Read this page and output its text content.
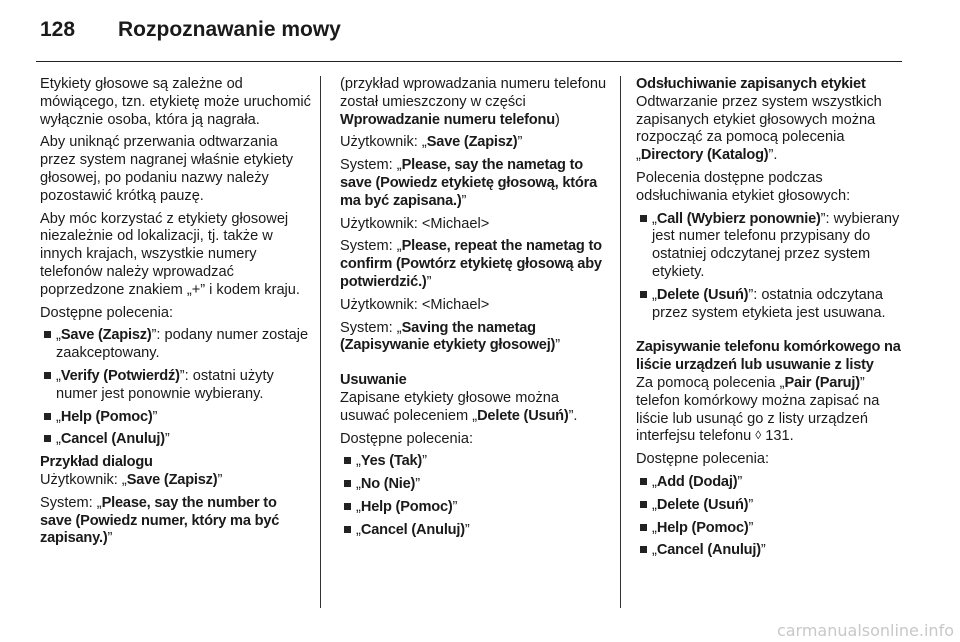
128	Rozpoznawanie mowy

Etykiety głosowe są zależne od mówiącego, tzn. etykietę może uruchomić wyłącznie osoba, która ją nagrała.

Aby uniknąć przerwania odtwarzania przez system nagranej właśnie etykiety głosowej, po podaniu nazwy należy pozostawić krótką pauzę.

Aby móc korzystać z etykiety głosowej niezależnie od lokalizacji, tj. także w innych krajach, wszystkie numery telefonów należy wprowadzać poprzedzone znakiem „+” i kodem kraju.

Dostępne polecenia:

„Save (Zapisz)”: podany numer zostaje zaakceptowany.
„Verify (Potwierdź)”: ostatni użyty numer jest ponownie wybierany.
„Help (Pomoc)”
„Cancel (Anuluj)”

Przykład dialogu

Użytkownik: „Save (Zapisz)”

System: „Please, say the number to save (Powiedz numer, który ma być zapisany.)”

(przykład wprowadzania numeru telefonu został umieszczony w części Wprowadzanie numeru telefonu)

Użytkownik: „Save (Zapisz)”

System: „Please, say the nametag to save (Powiedz etykietę głosową, która ma być zapisana.)”

Użytkownik: <Michael>

System: „Please, repeat the nametag to confirm (Powtórz etykietę głosową aby potwierdzić.)”

Użytkownik: <Michael>

System: „Saving the nametag (Zapisywanie etykiety głosowej)”

Usuwanie

Zapisane etykiety głosowe można usuwać poleceniem „Delete (Usuń)”.

Dostępne polecenia:

„Yes (Tak)”
„No (Nie)”
„Help (Pomoc)”
„Cancel (Anuluj)”

Odsłuchiwanie zapisanych etykiet

Odtwarzanie przez system wszystkich zapisanych etykiet głosowych można rozpocząć za pomocą polecenia „Directory (Katalog)”.

Polecenia dostępne podczas odsłuchiwania etykiet głosowych:

„Call (Wybierz ponownie)”: wybierany jest numer telefonu przypisany do ostatniej odczytanej przez system etykiety.
„Delete (Usuń)”: ostatnia odczytana przez system etykieta jest usuwana.

Zapisywanie telefonu komórkowego na liście urządzeń lub usuwanie z listy

Za pomocą polecenia „Pair (Paruj)” telefon komórkowy można zapisać na liście lub usunąć go z listy urządzeń interfejsu telefonu ◊ 131.

Dostępne polecenia:

„Add (Dodaj)”
„Delete (Usuń)”
„Help (Pomoc)”
„Cancel (Anuluj)”
carmanualsonline.info
